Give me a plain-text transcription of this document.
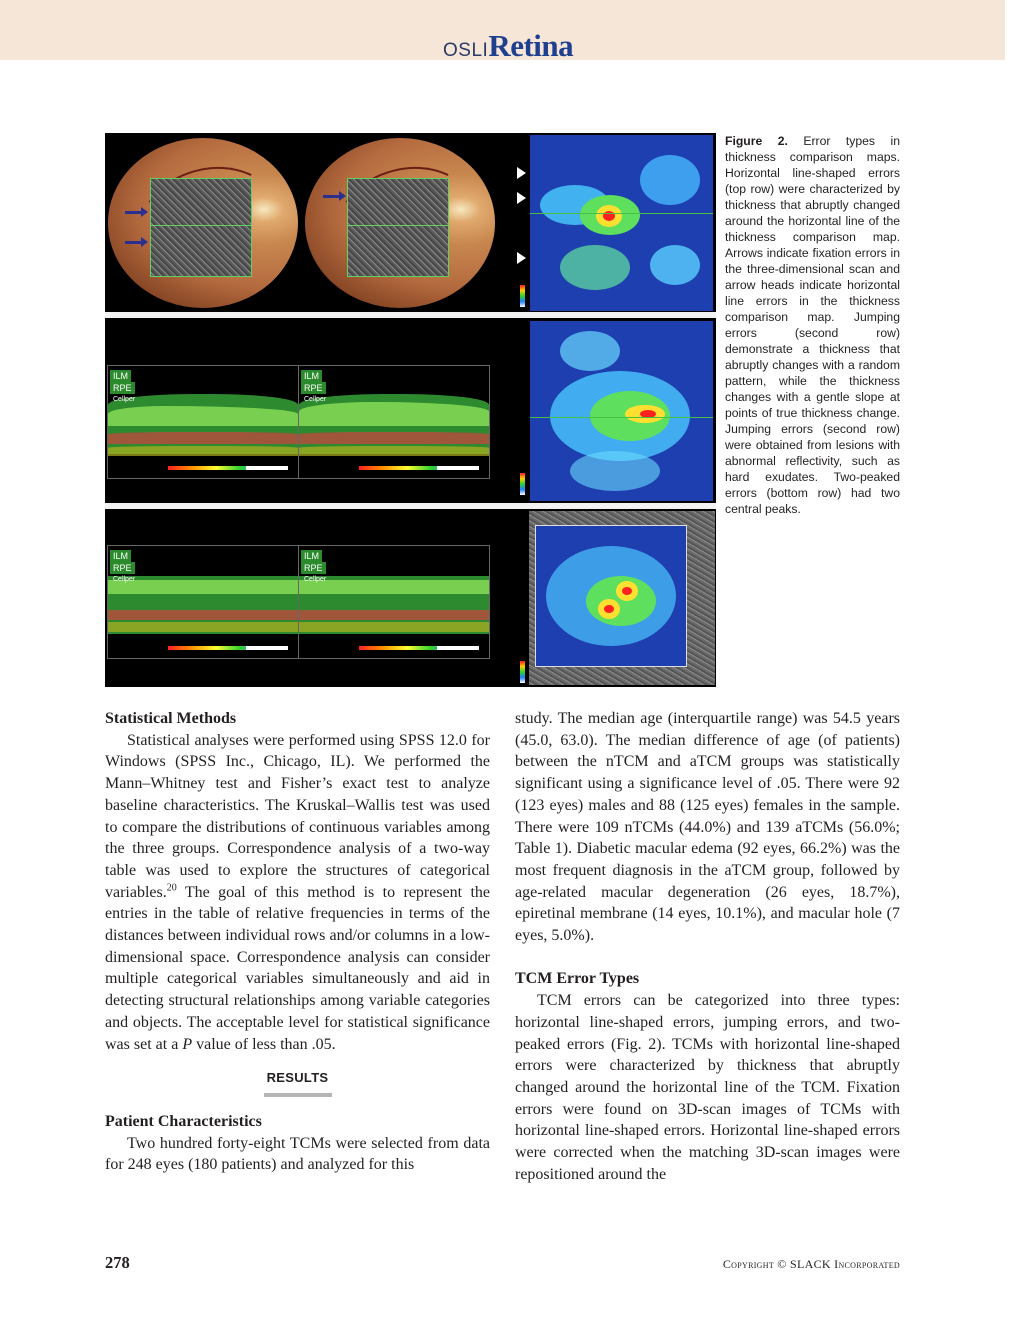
OSLI Retina
ILM
RPE
Cellper
ILM
RPE
Cellper
ILM
RPE
Cellper
ILM
RPE
Cellper
Figure 2. Error types in thickness comparison maps. Horizontal line-shaped errors (top row) were characterized by thickness that abruptly changed around the horizontal line of the thickness comparison map. Arrows indicate fixation errors in the three-dimensional scan and arrow heads indicate horizontal line errors in the thickness comparison map. Jumping errors (second row) demonstrate a thickness that abruptly changes with a random pattern, while the thickness changes with a gentle slope at points of true thickness change. Jumping errors (second row) were obtained from lesions with abnormal reflectivity, such as hard exudates. Two-peaked errors (bottom row) had two central peaks.
Statistical Methods

Statistical analyses were performed using SPSS 12.0 for Windows (SPSS Inc., Chicago, IL). We performed the Mann–Whitney test and Fisher’s exact test to analyze baseline characteristics. The Kruskal–Wallis test was used to compare the distributions of continuous variables among the three groups. Correspondence analysis of a two-way table was used to explore the structures of categorical variables.$^{20}$ The goal of this method is to represent the entries in the table of relative frequencies in terms of the distances between individual rows and/or columns in a low-dimensional space. Correspondence analysis can consider multiple categorical variables simultaneously and aid in detecting structural relationships among variable categories and objects. The acceptable level for statistical significance was set at a P value of less than .05.

RESULTS
Patient Characteristics

Two hundred forty-eight TCMs were selected from data for 248 eyes (180 patients) and analyzed for this

study. The median age (interquartile range) was 54.5 years (45.0, 63.0). The median difference of age (of patients) between the nTCM and aTCM groups was statistically significant using a significance level of .05. There were 92 (123 eyes) males and 88 (125 eyes) females in the sample. There were 109 nTCMs (44.0%) and 139 aTCMs (56.0%; Table 1). Diabetic macular edema (92 eyes, 66.2%) was the most frequent diagnosis in the aTCM group, followed by age-related macular degeneration (26 eyes, 18.7%), epiretinal membrane (14 eyes, 10.1%), and macular hole (7 eyes, 5.0%).

TCM Error Types

TCM errors can be categorized into three types: horizontal line-shaped errors, jumping errors, and two-peaked errors (Fig. 2). TCMs with horizontal line-shaped errors were characterized by thickness that abruptly changed around the horizontal line of the TCM. Fixation errors were found on 3D-scan images of TCMs with horizontal line-shaped errors. Horizontal line-shaped errors were corrected when the matching 3D-scan images were repositioned around the

278	Copyright © SLACK Incorporated
